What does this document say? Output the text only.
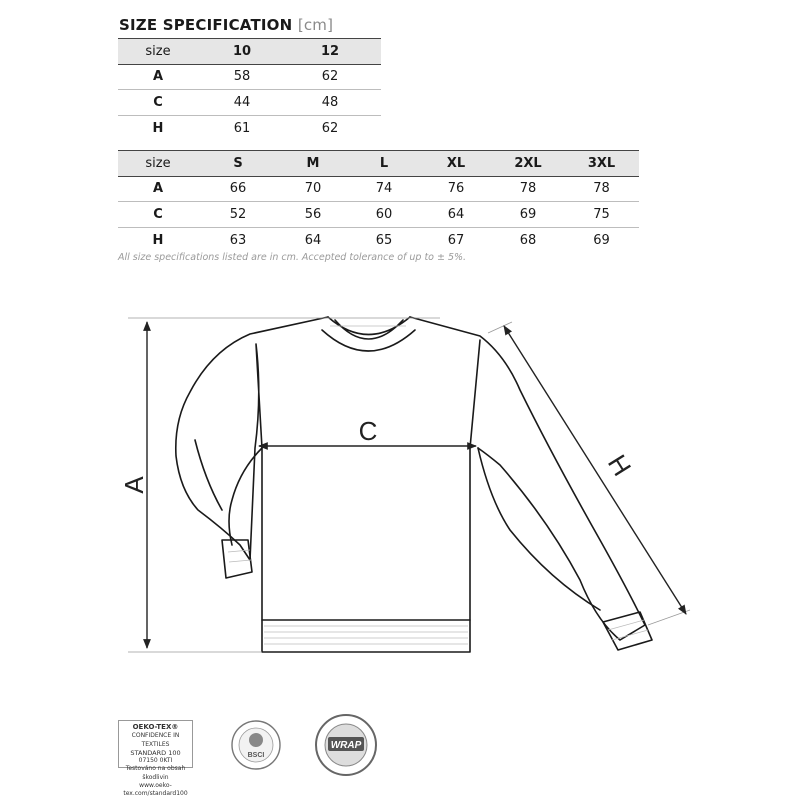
SIZE SPECIFICATION [cm]
size	10	12	
A	58	62	
C	44	48	
H	61	62	
size	S	M	L	XL	2XL	3XL
A	66	70	74	76	78	78
C	52	56	60	64	69	75
H	63	64	65	67	68	69
All size specifications listed are in cm. Accepted tolerance of up to ± 5%.
A
C
H
BSCI
WRAP
OEKO-TEX®
CONFIDENCE IN TEXTILES
STANDARD 100
07150 0KTI
Testováno na obsah škodlivin
www.oeko-tex.com/standard100
